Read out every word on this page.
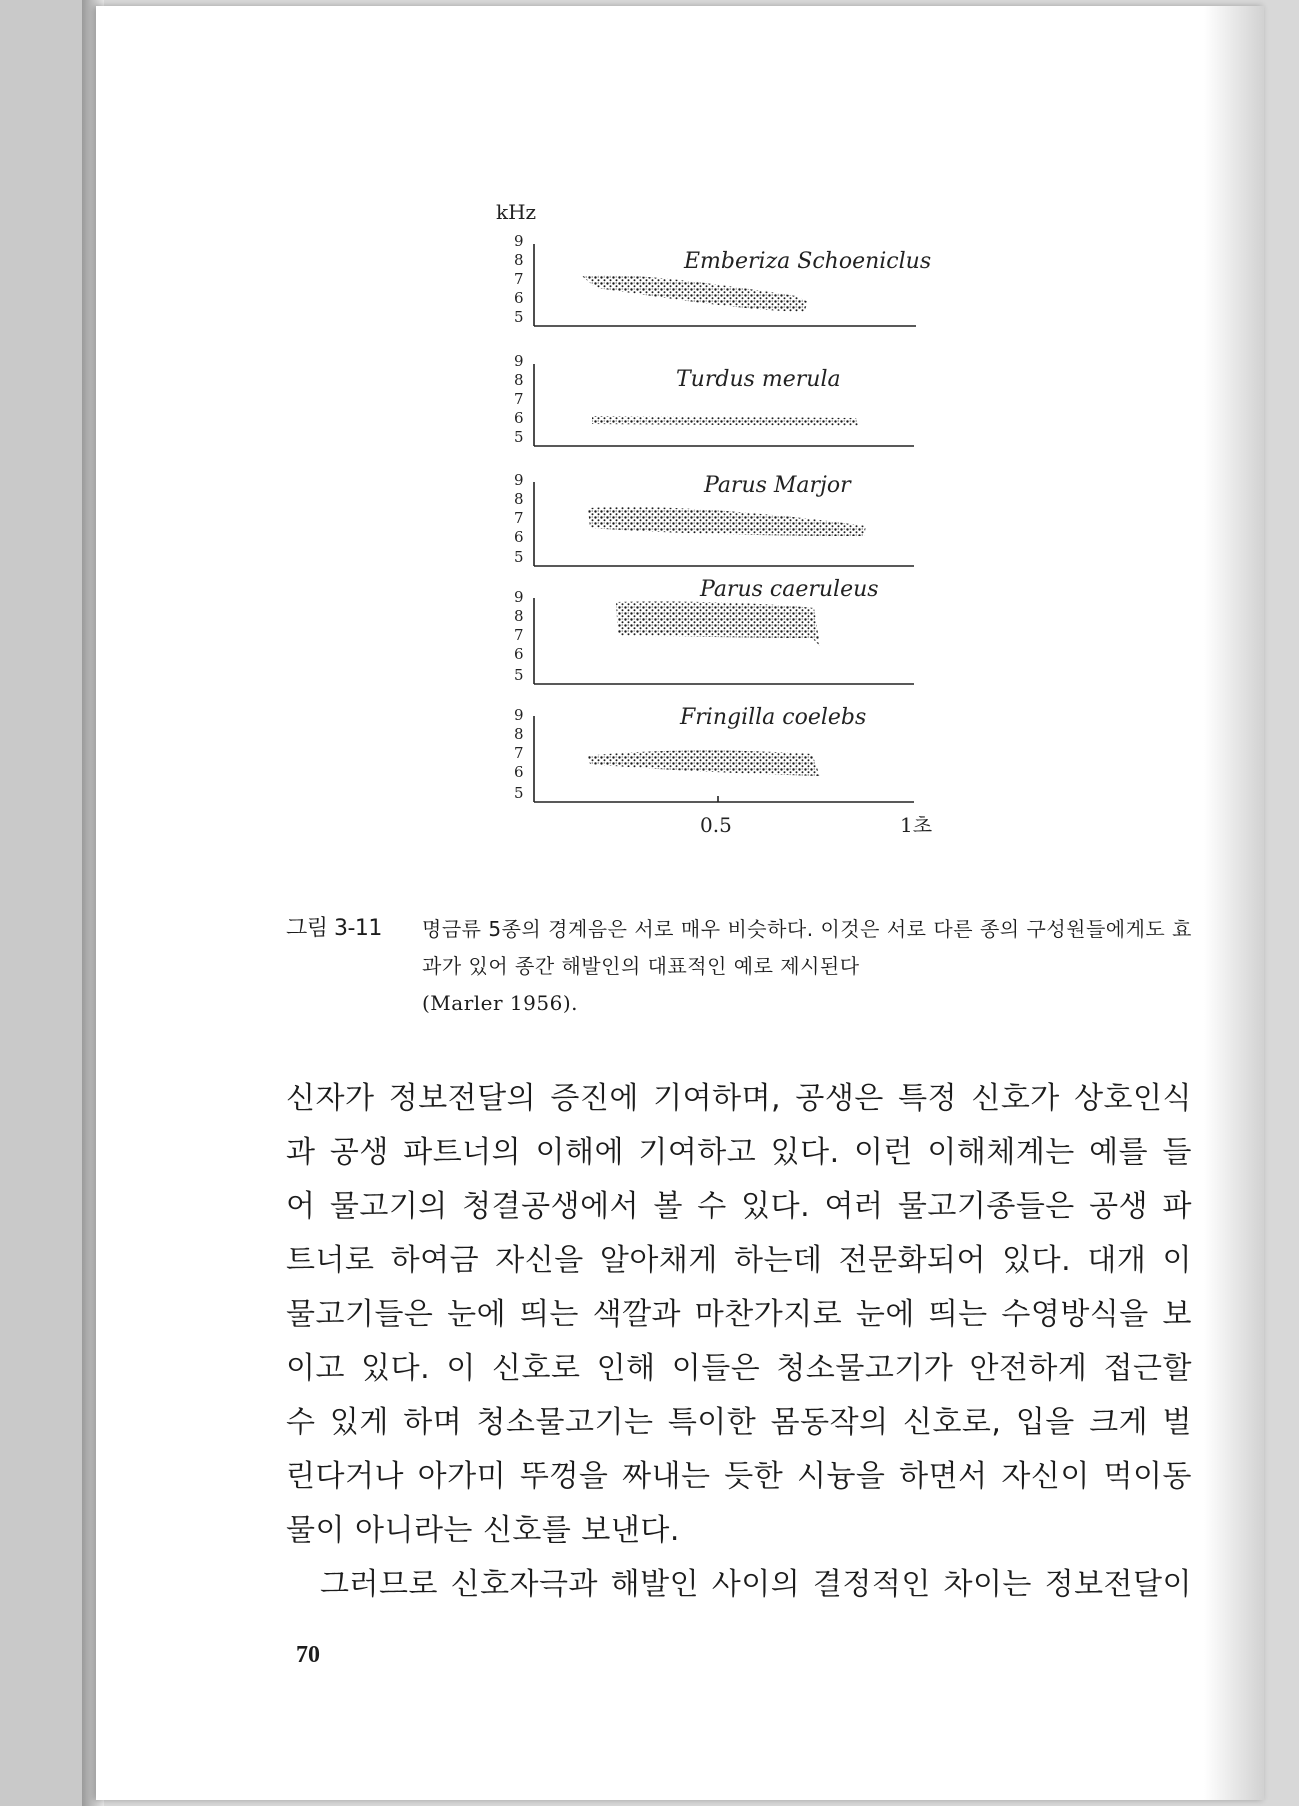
kHz
9
8
7
6
5
Emberiza Schoeniclus
9
8
7
6
5
Turdus merula
9
8
7
6
5
Parus Marjor
9
8
7
6
5
Parus caeruleus
9
8
7
6
5
Fringilla coelebs
0.5	1초
그림 3-11 명금류 5종의 경계음은 서로 매우 비슷하다. 이것은 서로 다른 종의 구성원들에게도 효과가 있어 종간 해발인의 대표적인 예로 제시된다
(Marler 1956).
신자가 정보전달의 증진에 기여하며, 공생은 특정 신호가 상호인식
과 공생 파트너의 이해에 기여하고 있다. 이런 이해체계는 예를 들
어 물고기의 청결공생에서 볼 수 있다. 여러 물고기종들은 공생 파
트너로 하여금 자신을 알아채게 하는데 전문화되어 있다. 대개 이
물고기들은 눈에 띄는 색깔과 마찬가지로 눈에 띄는 수영방식을 보
이고 있다. 이 신호로 인해 이들은 청소물고기가 안전하게 접근할
수 있게 하며 청소물고기는 특이한 몸동작의 신호로, 입을 크게 벌
린다거나 아가미 뚜껑을 짜내는 듯한 시늉을 하면서 자신이 먹이동
물이 아니라는 신호를 보낸다.
그러므로 신호자극과 해발인 사이의 결정적인 차이는 정보전달이
70
